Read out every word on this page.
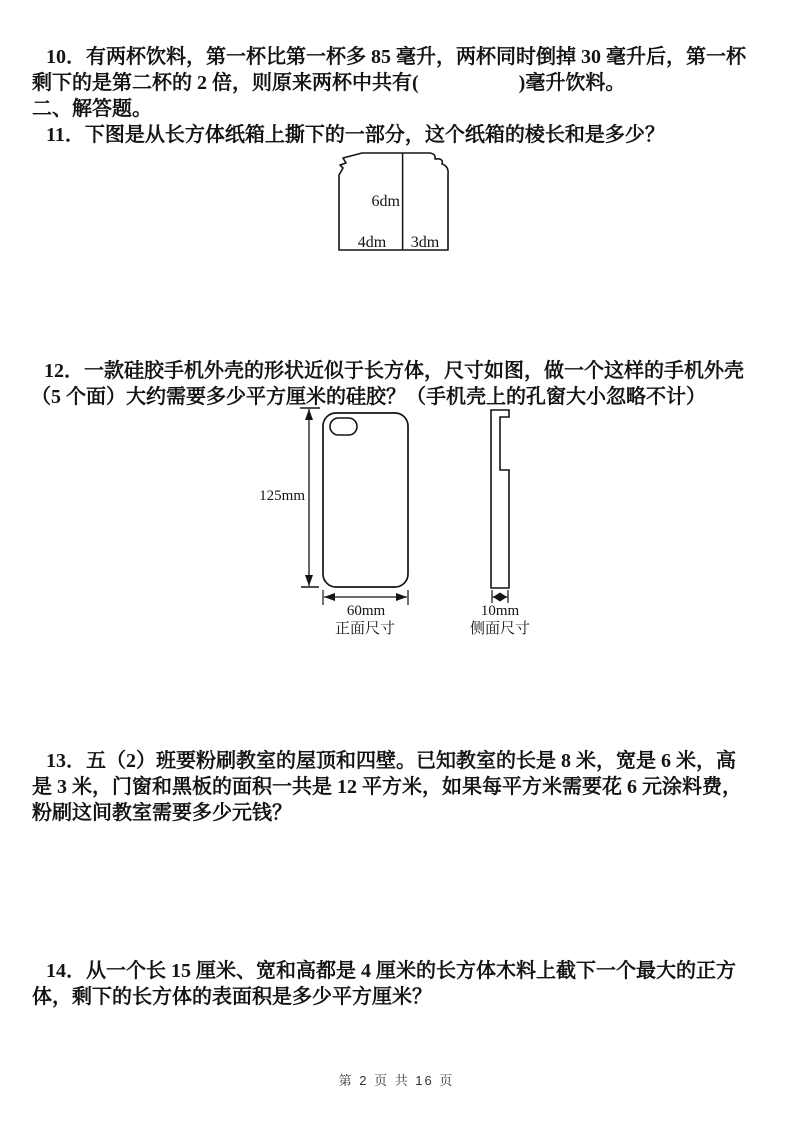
10．有两杯饮料，第一杯比第一杯多 85 毫升，两杯同时倒掉 30 毫升后，第一杯
剩下的是第二杯的 2 倍，则原来两杯中共有(　　　　　)毫升饮料。
二、解答题。
11．下图是从长方体纸箱上撕下的一部分，这个纸箱的棱长和是多少？
6dm
4dm 3dm
12．一款硅胶手机外壳的形状近似于长方体，尺寸如图，做一个这样的手机外壳
（5 个面）大约需要多少平方厘米的硅胶？（手机壳上的孔窗大小忽略不计）
125mm
60mm
正面尺寸
10mm
侧面尺寸
13．五（2）班要粉刷教室的屋顶和四壁。已知教室的长是 8 米，宽是 6 米，高
是 3 米，门窗和黑板的面积一共是 12 平方米，如果每平方米需要花 6 元涂料费，
粉刷这间教室需要多少元钱？
14．从一个长 15 厘米、宽和高都是 4 厘米的长方体木料上截下一个最大的正方
体，剩下的长方体的表面积是多少平方厘米？
第 2 页 共 16 页
